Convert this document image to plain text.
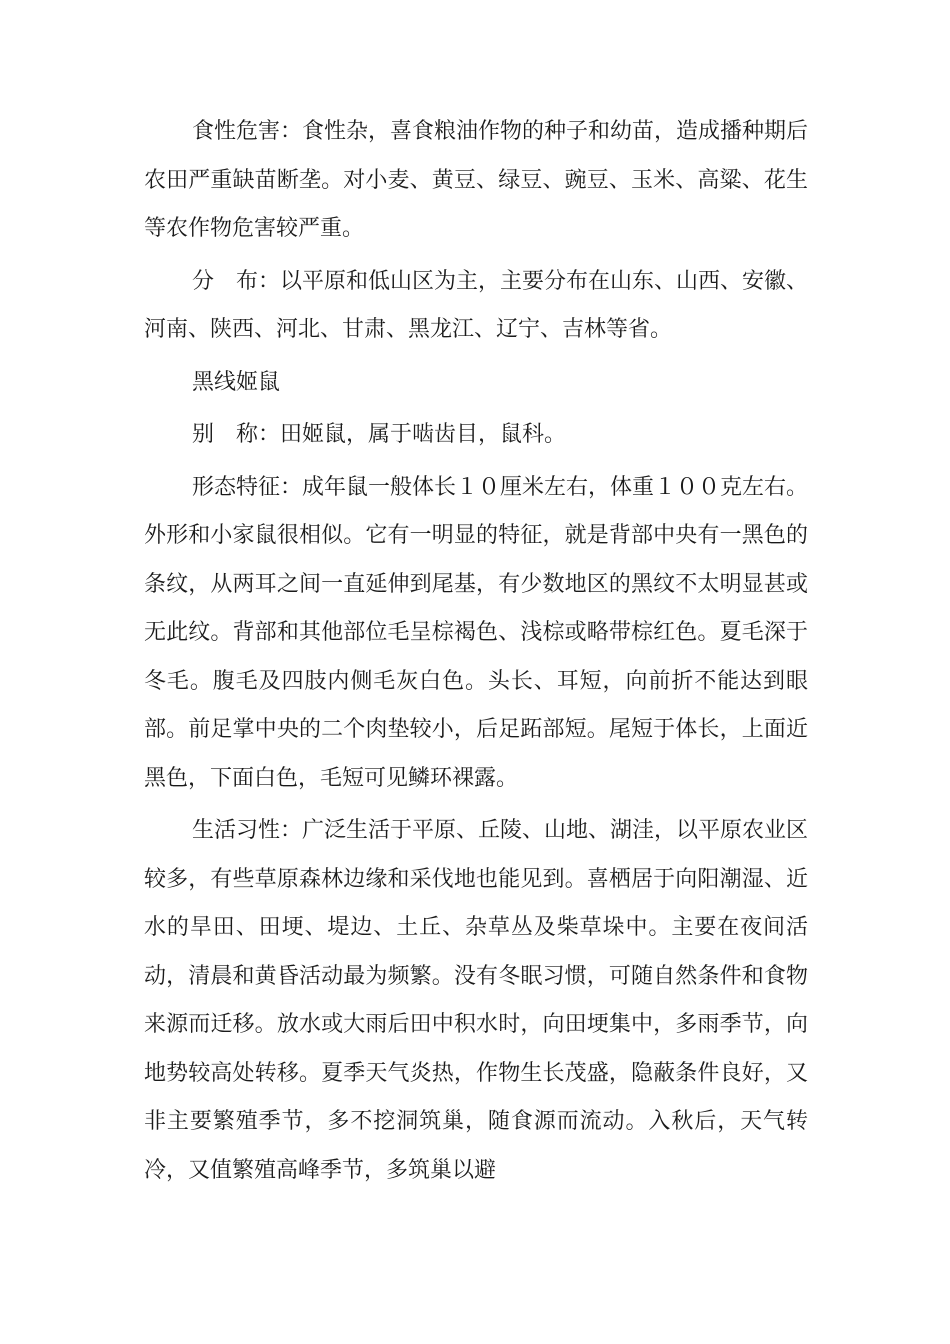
食性危害：食性杂，喜食粮油作物的种子和幼苗，造成播种期后农田严重缺苗断垄。对小麦、黄豆、绿豆、豌豆、玉米、高粱、花生等农作物危害较严重。

分　布：以平原和低山区为主，主要分布在山东、山西、安徽、河南、陕西、河北、甘肃、黑龙江、辽宁、吉林等省。

黑线姬鼠

别　称：田姬鼠，属于啮齿目，鼠科。

形态特征：成年鼠一般体长１０厘米左右，体重１００克左右。外形和小家鼠很相似。它有一明显的特征，就是背部中央有一黑色的条纹，从两耳之间一直延伸到尾基，有少数地区的黑纹不太明显甚或无此纹。背部和其他部位毛呈棕褐色、浅棕或略带棕红色。夏毛深于冬毛。腹毛及四肢内侧毛灰白色。头长、耳短，向前折不能达到眼部。前足掌中央的二个肉垫较小，后足跖部短。尾短于体长，上面近黑色，下面白色，毛短可见鳞环裸露。

生活习性：广泛生活于平原、丘陵、山地、湖洼，以平原农业区较多，有些草原森林边缘和采伐地也能见到。喜栖居于向阳潮湿、近水的旱田、田埂、堤边、土丘、杂草丛及柴草垛中。主要在夜间活动，清晨和黄昏活动最为频繁。没有冬眠习惯，可随自然条件和食物来源而迁移。放水或大雨后田中积水时，向田埂集中，多雨季节，向地势较高处转移。夏季天气炎热，作物生长茂盛，隐蔽条件良好，又非主要繁殖季节，多不挖洞筑巢，随食源而流动。入秋后，天气转冷，又值繁殖高峰季节，多筑巢以避
